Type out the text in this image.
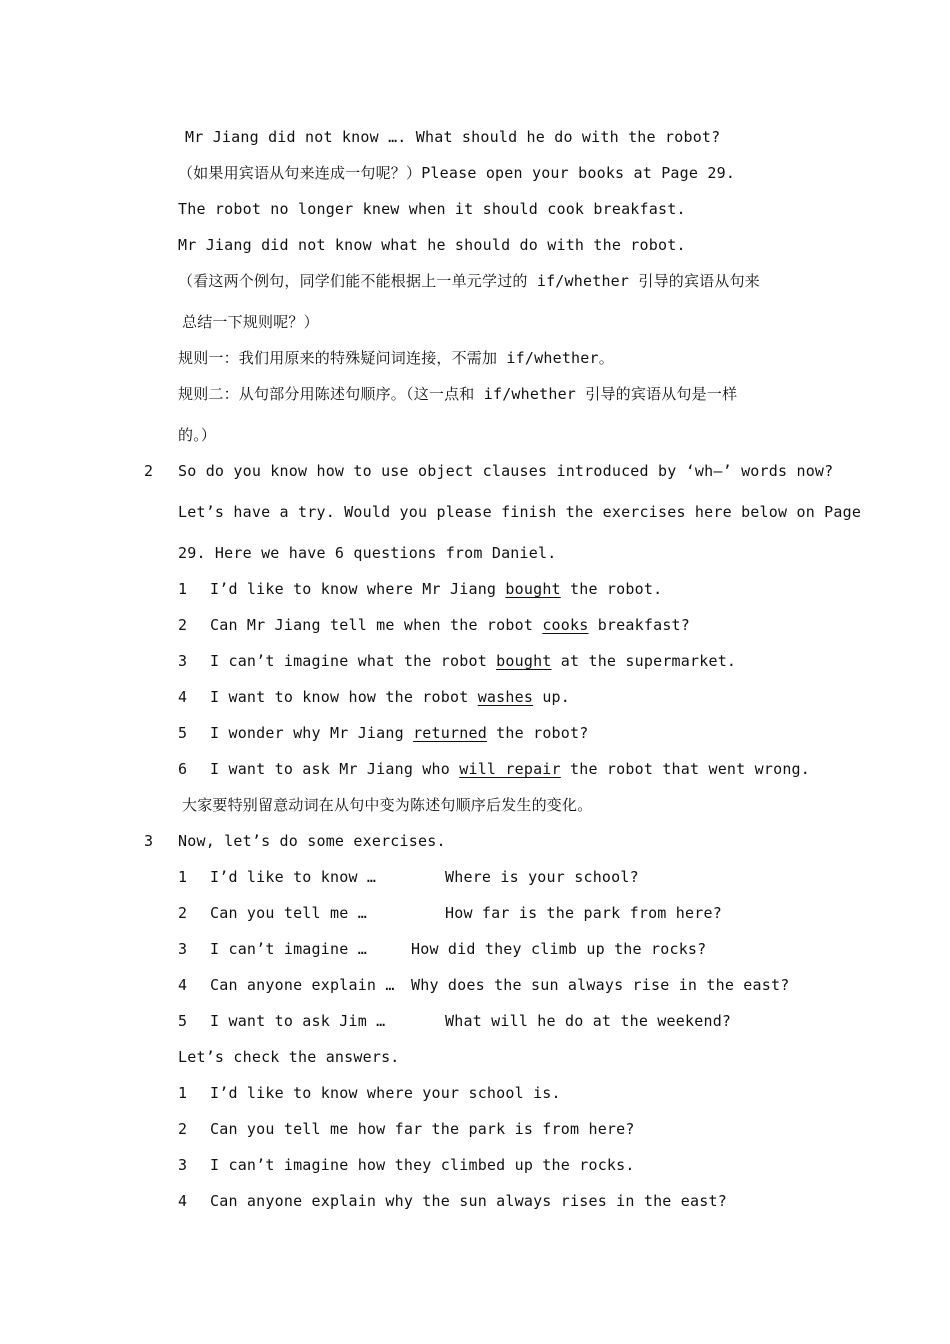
Mr Jiang did not know …. What should he do with the robot?
（如果用宾语从句来连成一句呢？）Please open your books at Page 29.
The robot no longer knew when it should cook breakfast.
Mr Jiang did not know what he should do with the robot.
（看这两个例句，同学们能不能根据上一单元学过的 if/whether 引导的宾语从句来
总结一下规则呢？）
规则一：我们用原来的特殊疑问词连接，不需加 if/whether。
规则二：从句部分用陈述句顺序。（这一点和 if/whether 引导的宾语从句是一样
的。）
2 So do you know how to use object clauses introduced by ‘wh–’ words now?
Let’s have a try. Would you please finish the exercises here below on Page
29. Here we have 6 questions from Daniel.
1 I’d like to know where Mr Jiang bought the robot.
2 Can Mr Jiang tell me when the robot cooks breakfast?
3 I can’t imagine what the robot bought at the supermarket.
4 I want to know how the robot washes up.
5 I wonder why Mr Jiang returned the robot?
6 I want to ask Mr Jiang who will repair the robot that went wrong.
大家要特别留意动词在从句中变为陈述句顺序后发生的变化。
3 Now, let’s do some exercises.
1 I’d like to know …	Where is your school?
2 Can you tell me …	How far is the park from here?
3 I can’t imagine …	How did they climb up the rocks?
4 Can anyone explain … Why does the sun always rise in the east?
5 I want to ask Jim …	What will he do at the weekend?
Let’s check the answers.
1 I’d like to know where your school is.
2 Can you tell me how far the park is from here?
3 I can’t imagine how they climbed up the rocks.
4 Can anyone explain why the sun always rises in the east?
